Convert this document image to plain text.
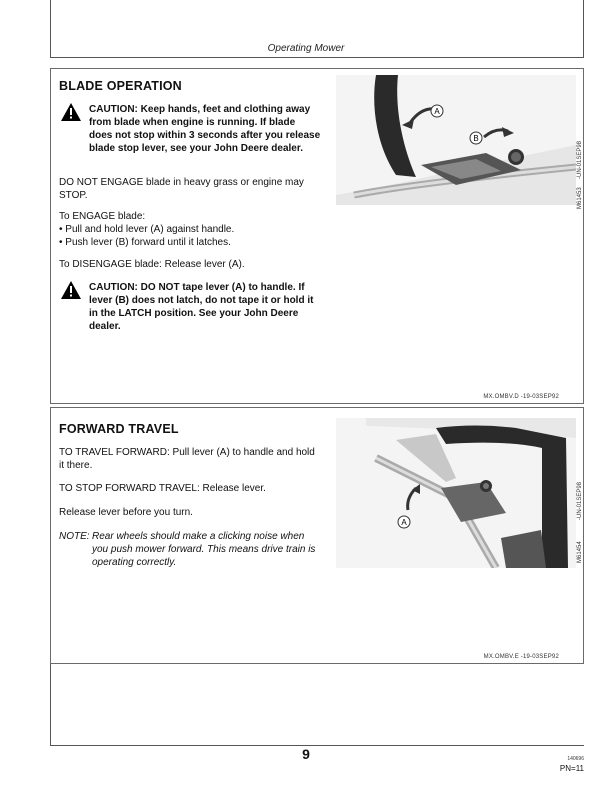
Operating Mower
BLADE OPERATION
CAUTION: Keep hands, feet and clothing away from blade when engine is running. If blade does not stop within 3 seconds after you release blade stop lever, see your John Deere dealer.
DO NOT ENGAGE blade in heavy grass or engine may STOP.
To ENGAGE blade:
• Pull and hold lever (A) against handle.
• Push lever (B) forward until it latches.
To DISENGAGE blade: Release lever (A).
CAUTION: DO NOT tape lever (A) to handle. If lever (B) does not latch, do not tape it or hold it in the LATCH position. See your John Deere dealer.
A
B
-UN-01SEP98
M61453
MX.OMBV.D -19-03SEP92
FORWARD TRAVEL
TO TRAVEL FORWARD: Pull lever (A) to handle and hold it there.
TO STOP FORWARD TRAVEL: Release lever.
Release lever before you turn.
NOTE: Rear wheels should make a clicking noise when you push mower forward. This means drive train is operating correctly.
A
-UN-01SEP98
M61454
MX.OMBV.E -19-03SEP92
9	140696
PN=11
